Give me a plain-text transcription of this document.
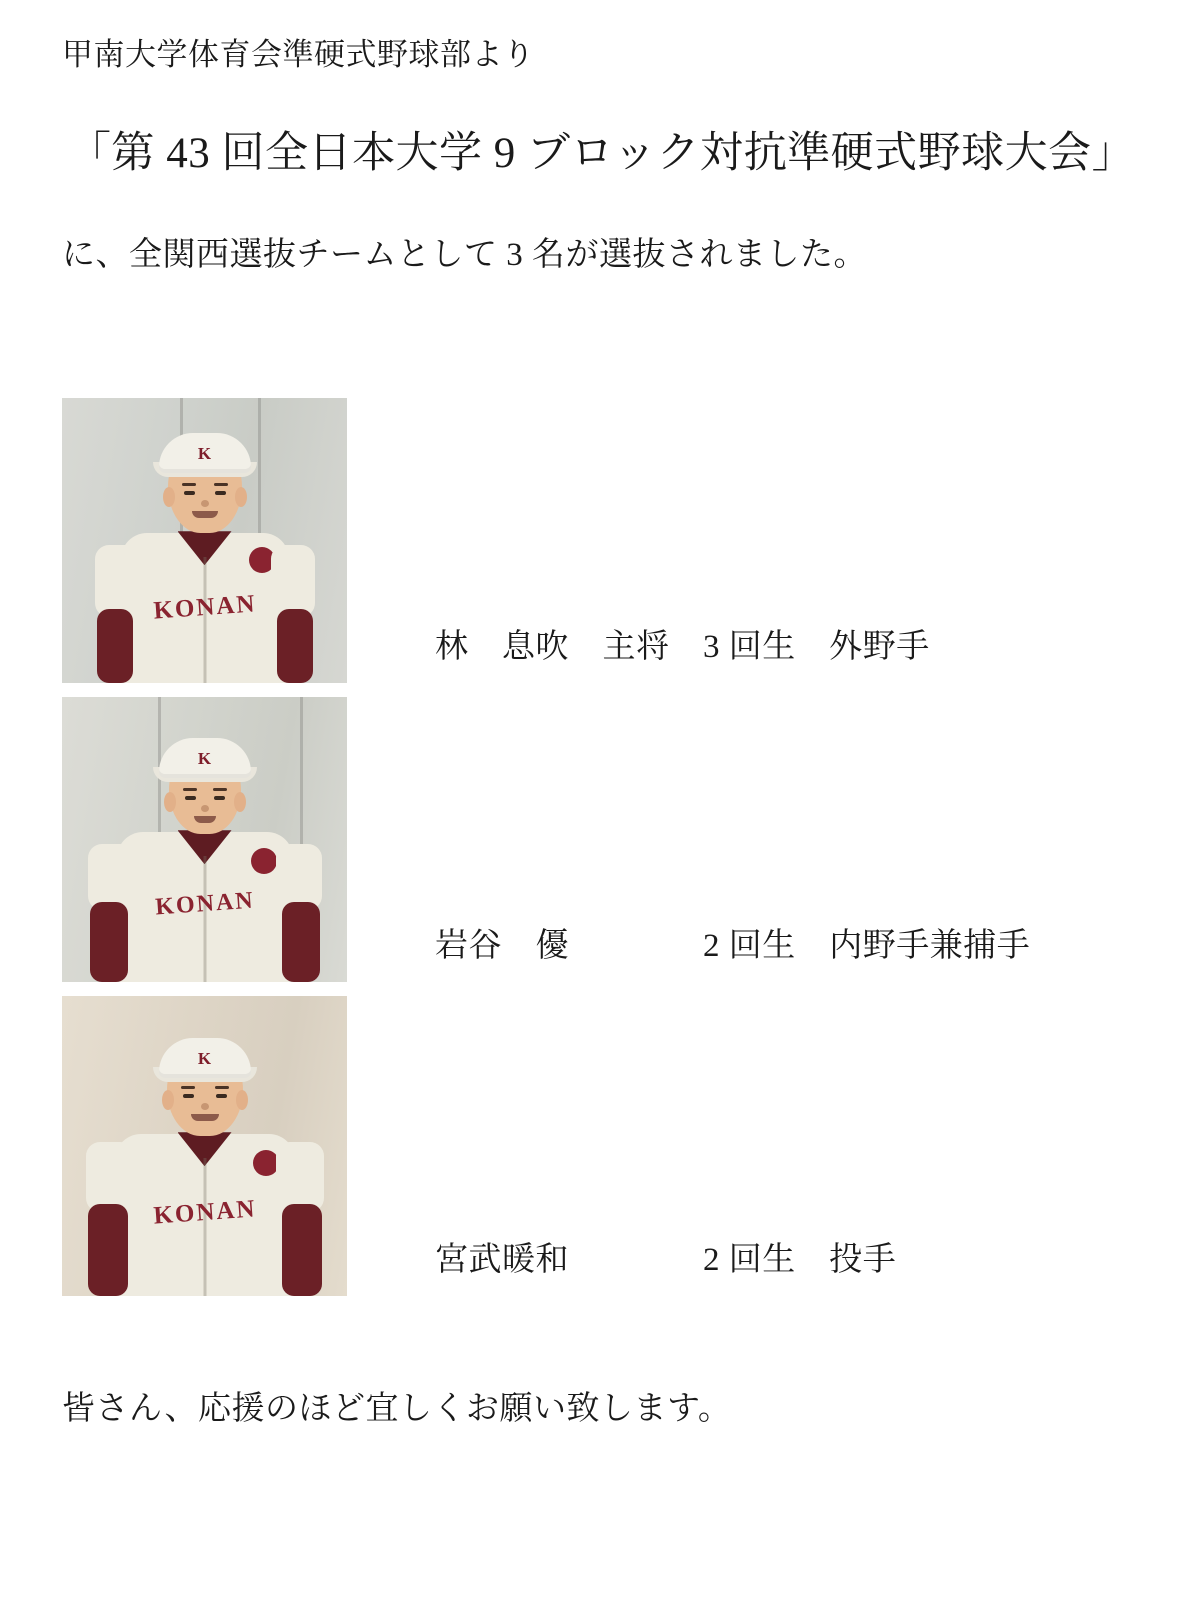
甲南大学体育会準硬式野球部より

「第 43 回全日本大学 9 ブロック対抗準硬式野球大会」

に、全関西選抜チームとして 3 名が選抜されました。

KONAN
K
林　息吹　主将　3 回生　外野手
KONAN
K
岩谷　優　　　　2 回生　内野手兼捕手
KONAN
K
宮武暖和　　　　2 回生　投手

皆さん、応援のほど宜しくお願い致します。
